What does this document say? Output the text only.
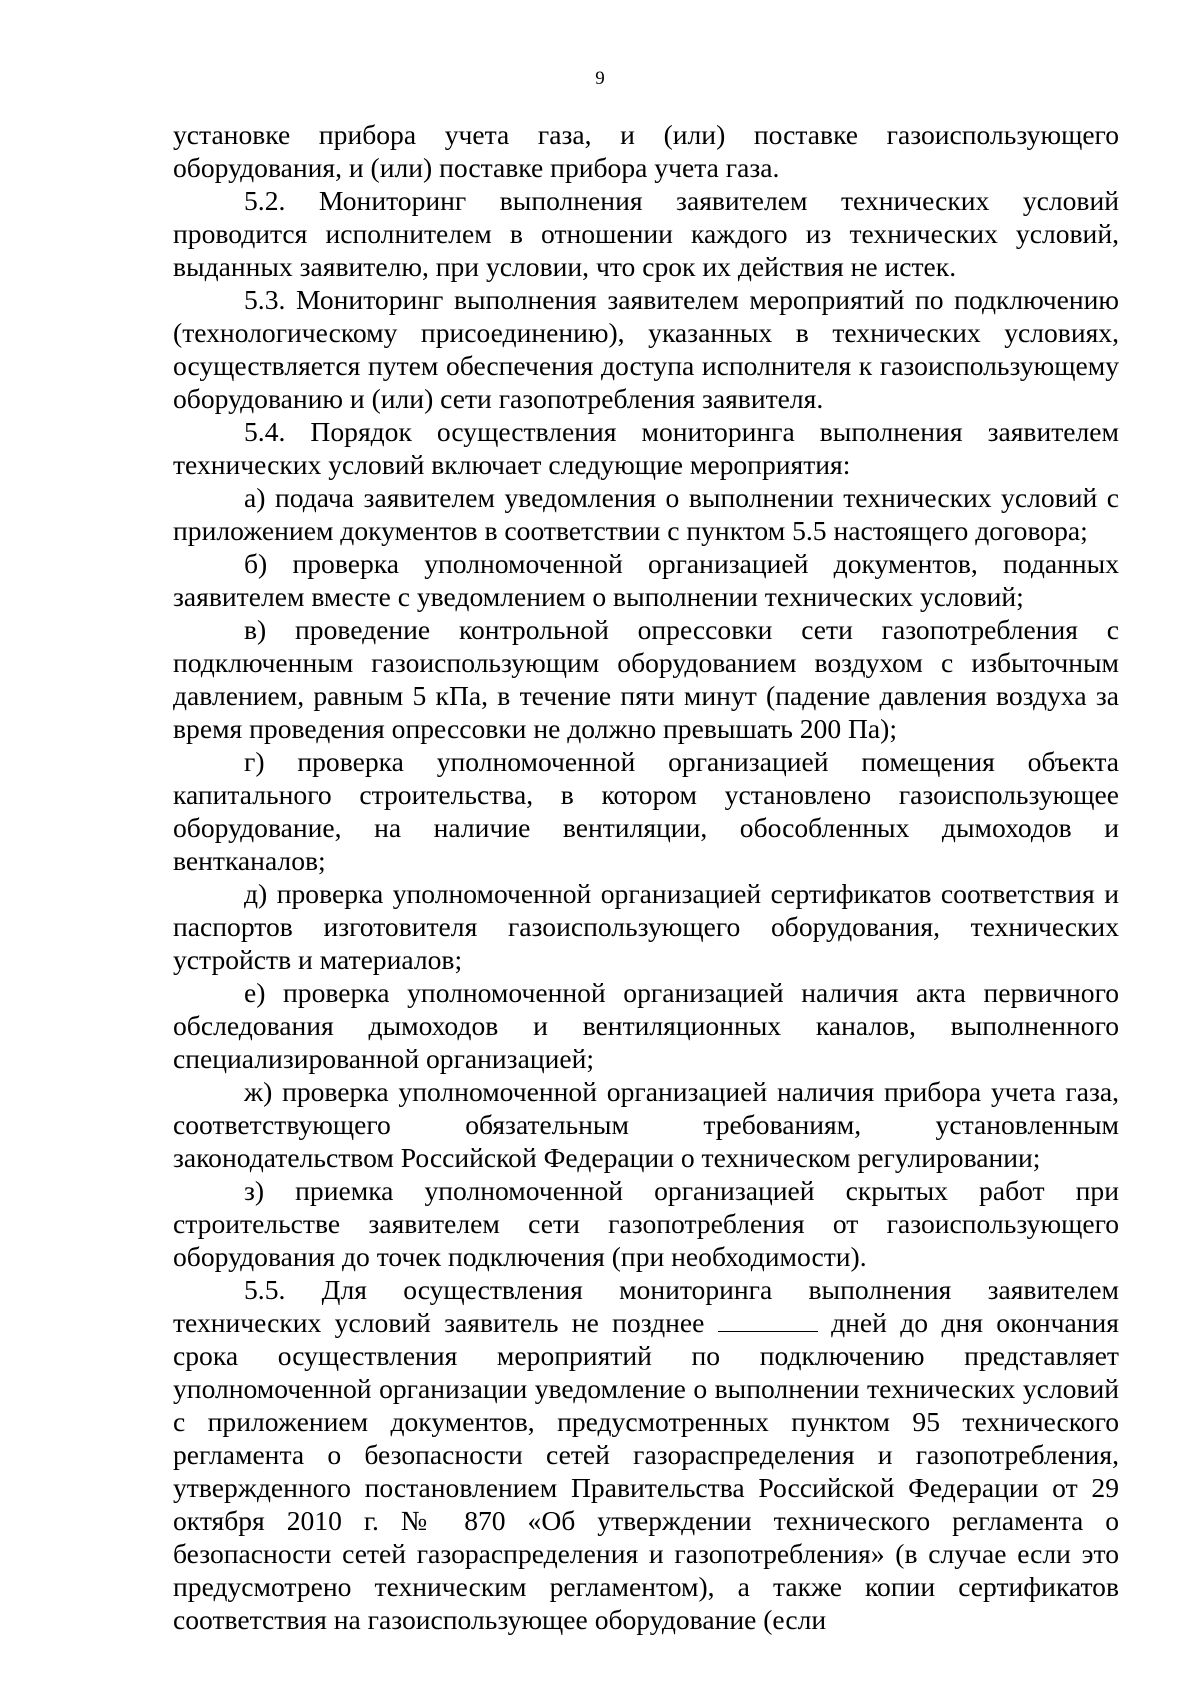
9

установке прибора учета газа, и (или) поставке газоиспользующего оборудования, и (или) поставке прибора учета газа.

5.2. Мониторинг выполнения заявителем технических условий проводится исполнителем в отношении каждого из технических условий, выданных заявителю, при условии, что срок их действия не истек.

5.3. Мониторинг выполнения заявителем мероприятий по подключению (технологическому присоединению), указанных в технических условиях, осуществляется путем обеспечения доступа исполнителя к газоиспользующему оборудованию и (или) сети газопотребления заявителя.

5.4. Порядок осуществления мониторинга выполнения заявителем технических условий включает следующие мероприятия:

а) подача заявителем уведомления о выполнении технических условий с приложением документов в соответствии с пунктом 5.5 настоящего договора;

б) проверка уполномоченной организацией документов, поданных заявителем вместе с уведомлением о выполнении технических условий;

в) проведение контрольной опрессовки сети газопотребления с подключенным газоиспользующим оборудованием воздухом с избыточным давлением, равным 5 кПа, в течение пяти минут (падение давления воздуха за время проведения опрессовки не должно превышать 200 Па);

г) проверка уполномоченной организацией помещения объекта капитального строительства, в котором установлено газоиспользующее оборудование, на наличие вентиляции, обособленных дымоходов и вентканалов;

д) проверка уполномоченной организацией сертификатов соответствия и паспортов изготовителя газоиспользующего оборудования, технических устройств и материалов;

е) проверка уполномоченной организацией наличия акта первичного обследования дымоходов и вентиляционных каналов, выполненного специализированной организацией;

ж) проверка уполномоченной организацией наличия прибора учета газа, соответствующего обязательным требованиям, установленным законодательством Российской Федерации о техническом регулировании;

з) приемка уполномоченной организацией скрытых работ при строительстве заявителем сети газопотребления от газоиспользующего оборудования до точек подключения (при необходимости).

5.5. Для осуществления мониторинга выполнения заявителем технических условий заявитель не позднее	дней до дня окончания срока осуществления мероприятий по подключению представляет уполномоченной организации уведомление о выполнении технических условий с приложением документов, предусмотренных пунктом 95 технического регламента о безопасности сетей газораспределения и газопотребления, утвержденного постановлением Правительства Российской Федерации от 29 октября 2010 г. № 870 «Об утверждении технического регламента о безопасности сетей газораспределения и газопотребления» (в случае если это предусмотрено техническим регламентом), а также копии сертификатов соответствия на газоиспользующее оборудование (если
